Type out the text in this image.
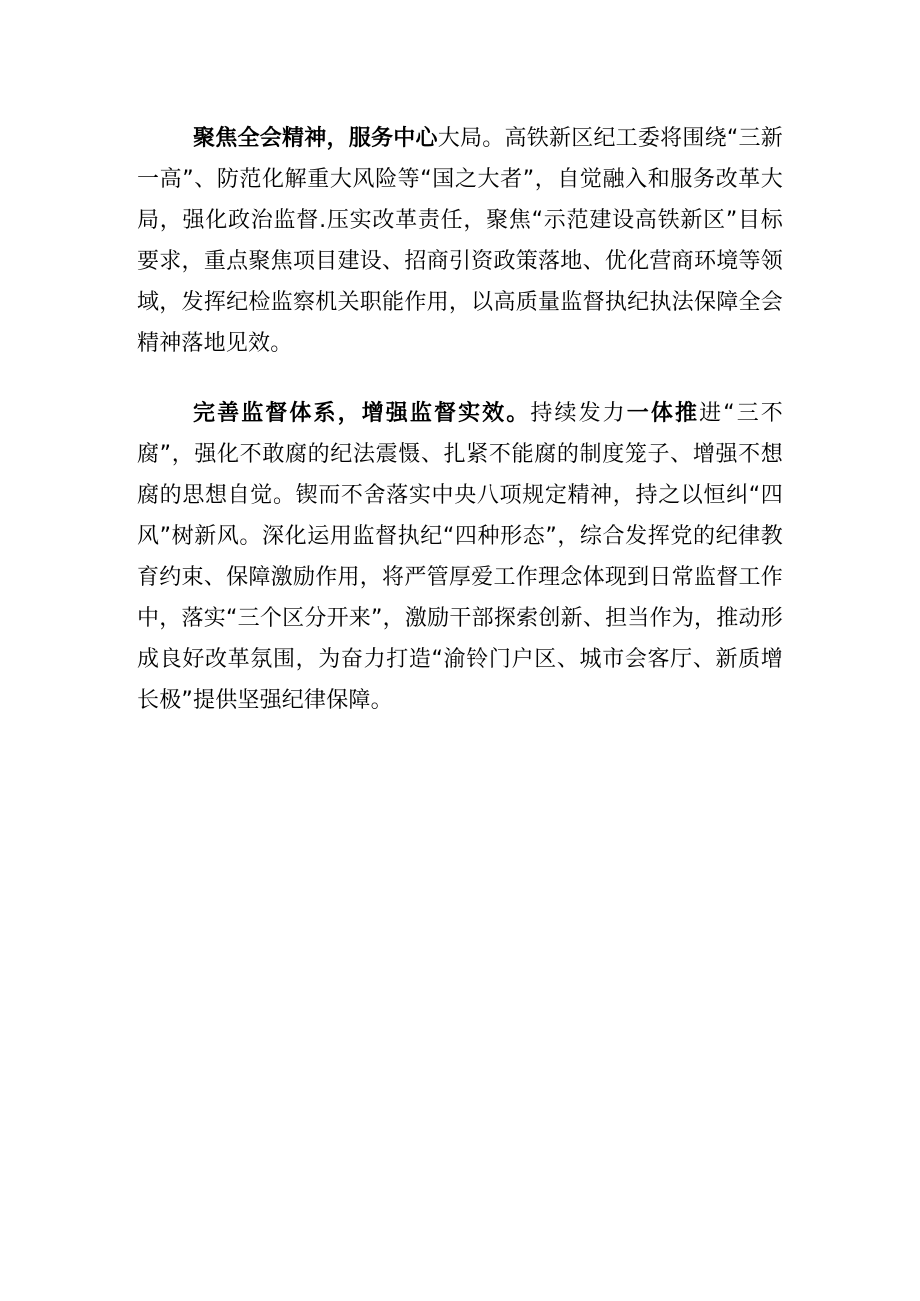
聚焦全会精神，服务中心大局。高铁新区纪工委将围绕“三新一高”、防范化解重大风险等“国之大者”，自觉融入和服务改革大局，强化政治监督.压实改革责任，聚焦“示范建设高铁新区”目标要求，重点聚焦项目建设、招商引资政策落地、优化营商环境等领域，发挥纪检监察机关职能作用，以高质量监督执纪执法保障全会精神落地见效。

完善监督体系，增强监督实效。持续发力一体推进“三不腐”，强化不敢腐的纪法震慑、扎紧不能腐的制度笼子、增强不想腐的思想自觉。锲而不舍落实中央八项规定精神，持之以恒纠“四风”树新风。深化运用监督执纪“四种形态”，综合发挥党的纪律教育约束、保障激励作用，将严管厚爱工作理念体现到日常监督工作中，落实“三个区分开来”，激励干部探索创新、担当作为，推动形成良好改革氛围，为奋力打造“渝铃门户区、城市会客厅、新质增长极”提供坚强纪律保障。
